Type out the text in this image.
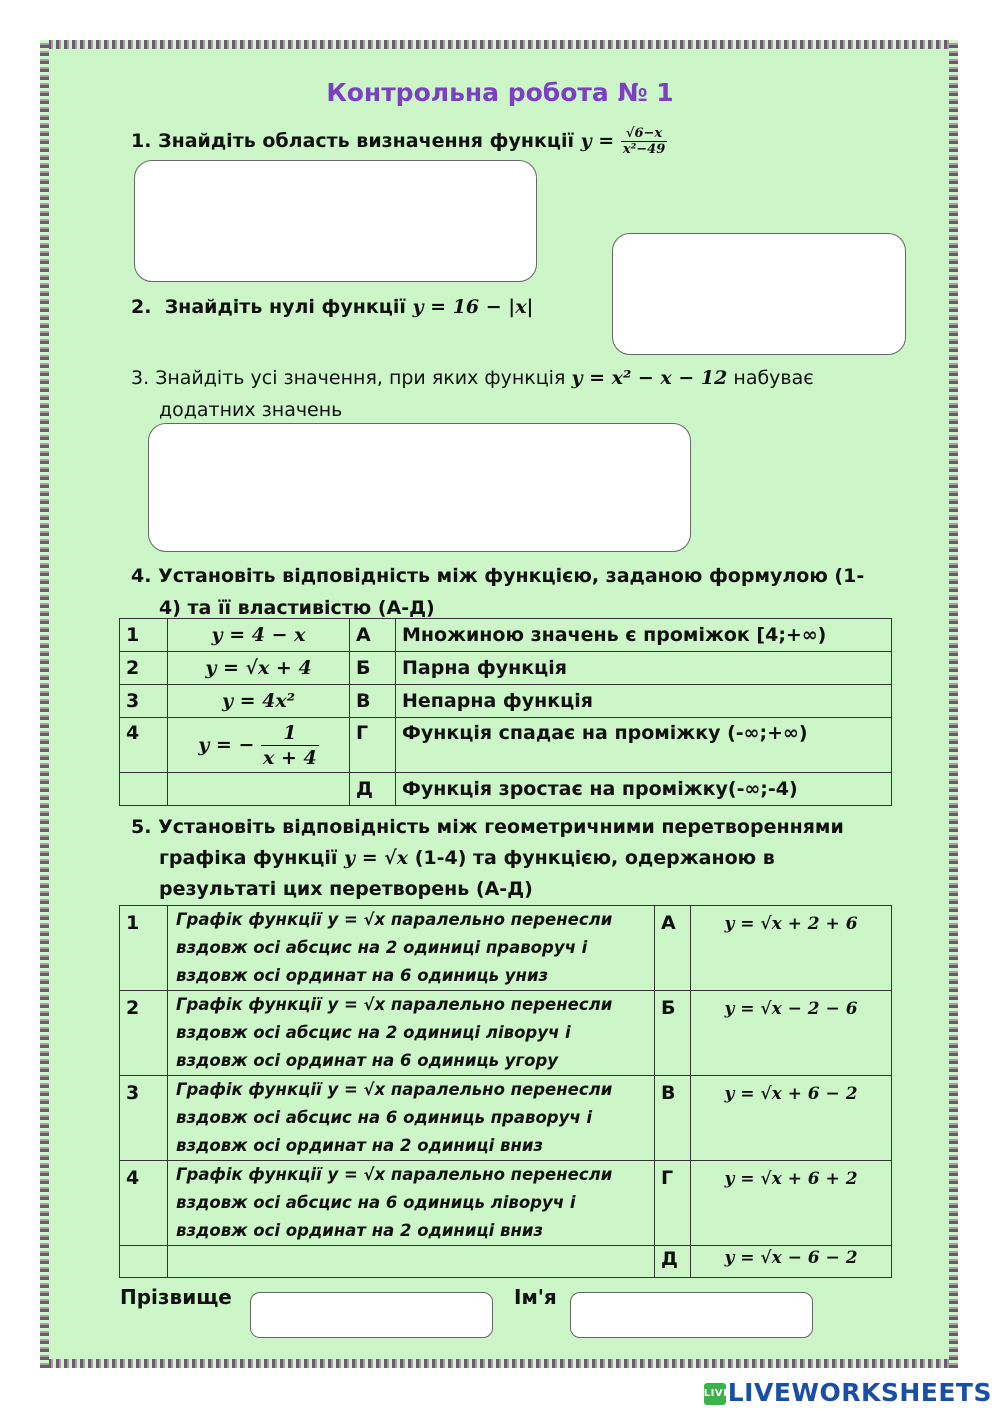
Контрольна робота № 1
1. Знайдіть область визначення функції $y = \frac{√6-x}{\text{x²−49}}$
2. Знайдіть нулі функції y = 16 − |x|
3. Знайдіть усі значення, при яких функція y = x² − x − 12 набуває
додатних значень
4. Установіть відповідність між функцією, заданою формулою (1-
4) та її властивістю (А-Д)
1	y = 4 − x	А	Множиною значень є проміжок [4;+∞)
2	y = √x + 4	Б	Парна функція
3	y = 4x²	В	Непарна функція
4	y = − $\frac{1}{x + 4}$	Г	Функція спадає на проміжку (-∞;+∞)
		Д	Функція зростає на проміжку(-∞;-4)
5. Установіть відповідність між геометричними перетвореннями
графіка функції y = √x (1-4) та функцією, одержаною в
результаті цих перетворень (А-Д)
1	Графік функції y = √x паралельно перенесли
вздовж осі абсцис на 2 одиниці праворуч і
вздовж осі ординат на 6 одиниць униз	А	y = √x + 2 + 6
2	Графік функції y = √x паралельно перенесли
вздовж осі абсцис на 2 одиниці ліворуч і
вздовж осі ординат на 6 одиниць угору	Б	y = √x − 2 − 6
3	Графік функції y = √x паралельно перенесли
вздовж осі абсцис на 6 одиниць праворуч і
вздовж осі ординат на 2 одиниці вниз	В	y = √x + 6 − 2
4	Графік функції y = √x паралельно перенесли
вздовж осі абсцис на 6 одиниць ліворуч і
вздовж осі ординат на 2 одиниці вниз	Г	y = √x + 6 + 2
		Д	y = √x − 6 − 2
Прізвище	Ім'я
LIVELIVEWORKSHEETS
